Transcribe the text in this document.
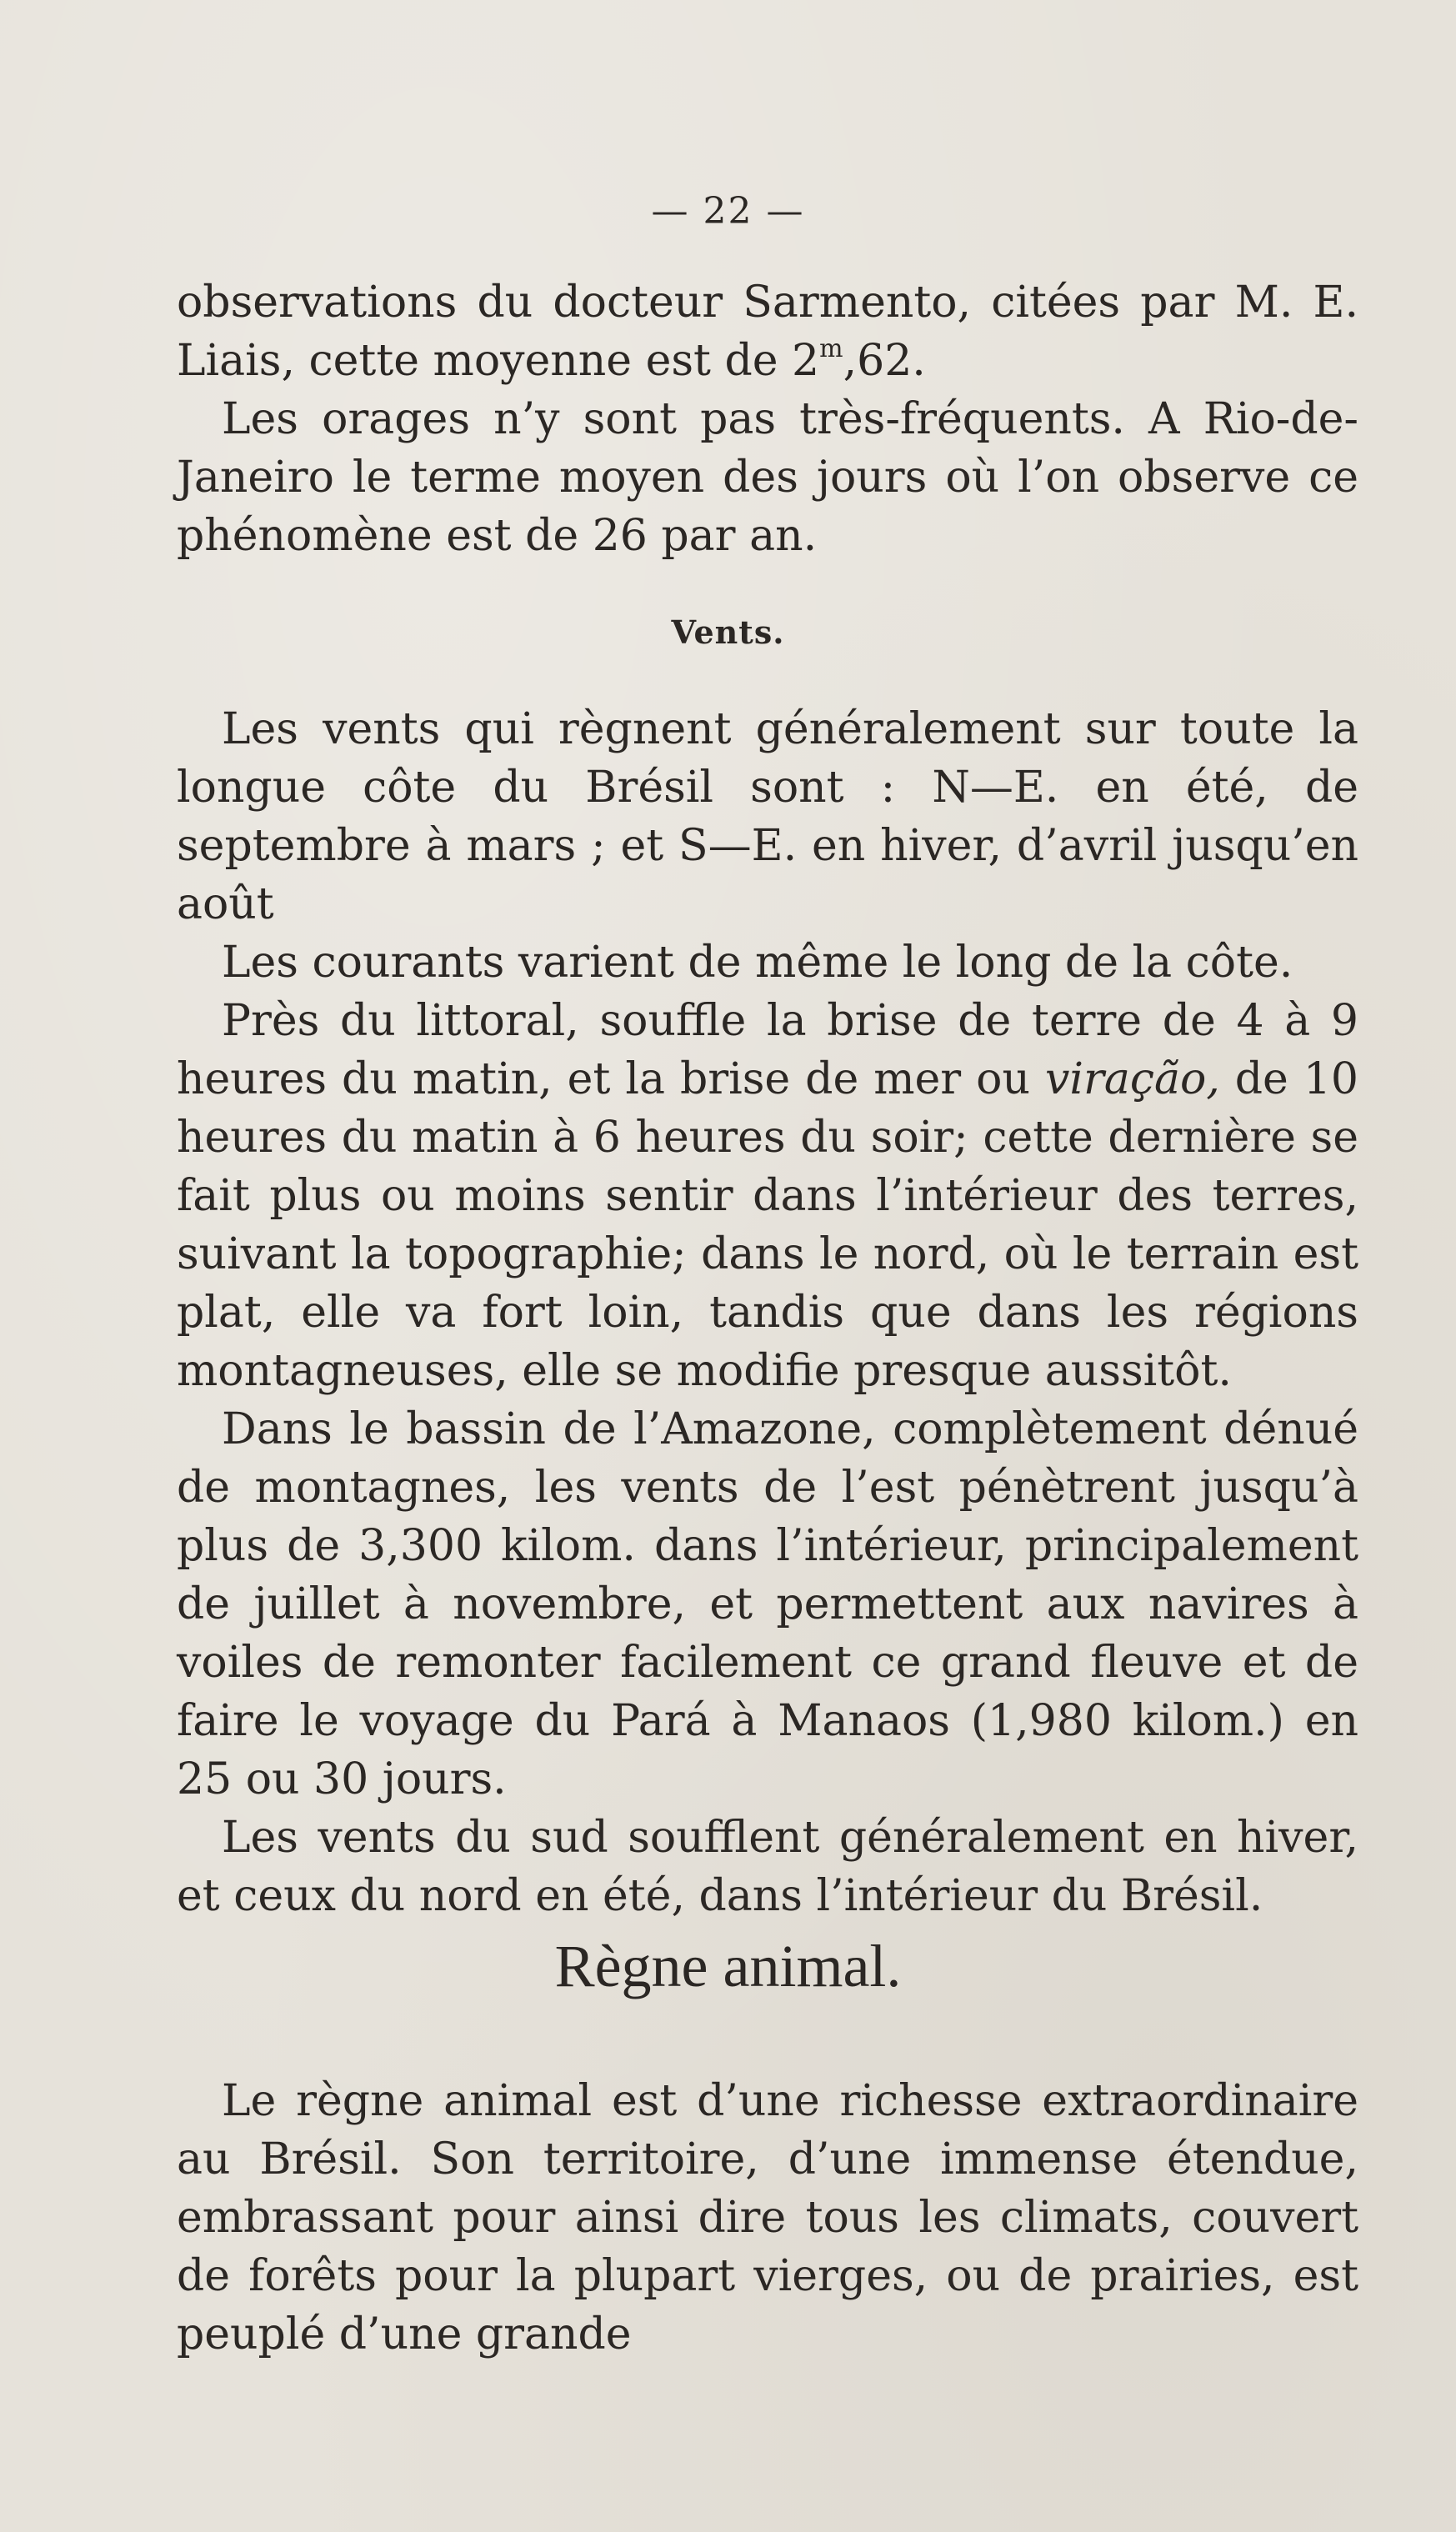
— 22 —

observations du docteur Sarmento, citées par M. E. Liais, cette moyenne est de 2$^m$,62.

Les orages n’y sont pas très-fréquents. A Rio-de-Janeiro le terme moyen des jours où l’on observe ce phénomène est de 26 par an.

Vents.

Les vents qui règnent généralement sur toute la longue côte du Brésil sont : N—E. en été, de septembre à mars ; et S—E. en hiver, d’avril jusqu’en août

Les courants varient de même le long de la côte.

Près du littoral, souffle la brise de terre de 4 à 9 heures du matin, et la brise de mer ou viração, de 10 heures du matin à 6 heures du soir; cette dernière se fait plus ou moins sentir dans l’intérieur des terres, suivant la topographie; dans le nord, où le terrain est plat, elle va fort loin, tandis que dans les régions montagneuses, elle se modifie presque aussitôt.

Dans le bassin de l’Amazone, complètement dénué de montagnes, les vents de l’est pénètrent jusqu’à plus de 3,300 kilom. dans l’intérieur, principalement de juillet à novembre, et permettent aux navires à voiles de remonter facilement ce grand fleuve et de faire le voyage du Pará à Manaos (1,980 kilom.) en 25 ou 30 jours.

Les vents du sud soufflent généralement en hiver, et ceux du nord en été, dans l’intérieur du Brésil.

Règne animal.

Le règne animal est d’une richesse extraordinaire au Brésil. Son territoire, d’une immense étendue, embrassant pour ainsi dire tous les climats, couvert de forêts pour la plupart vierges, ou de prairies, est peuplé d’une grande
